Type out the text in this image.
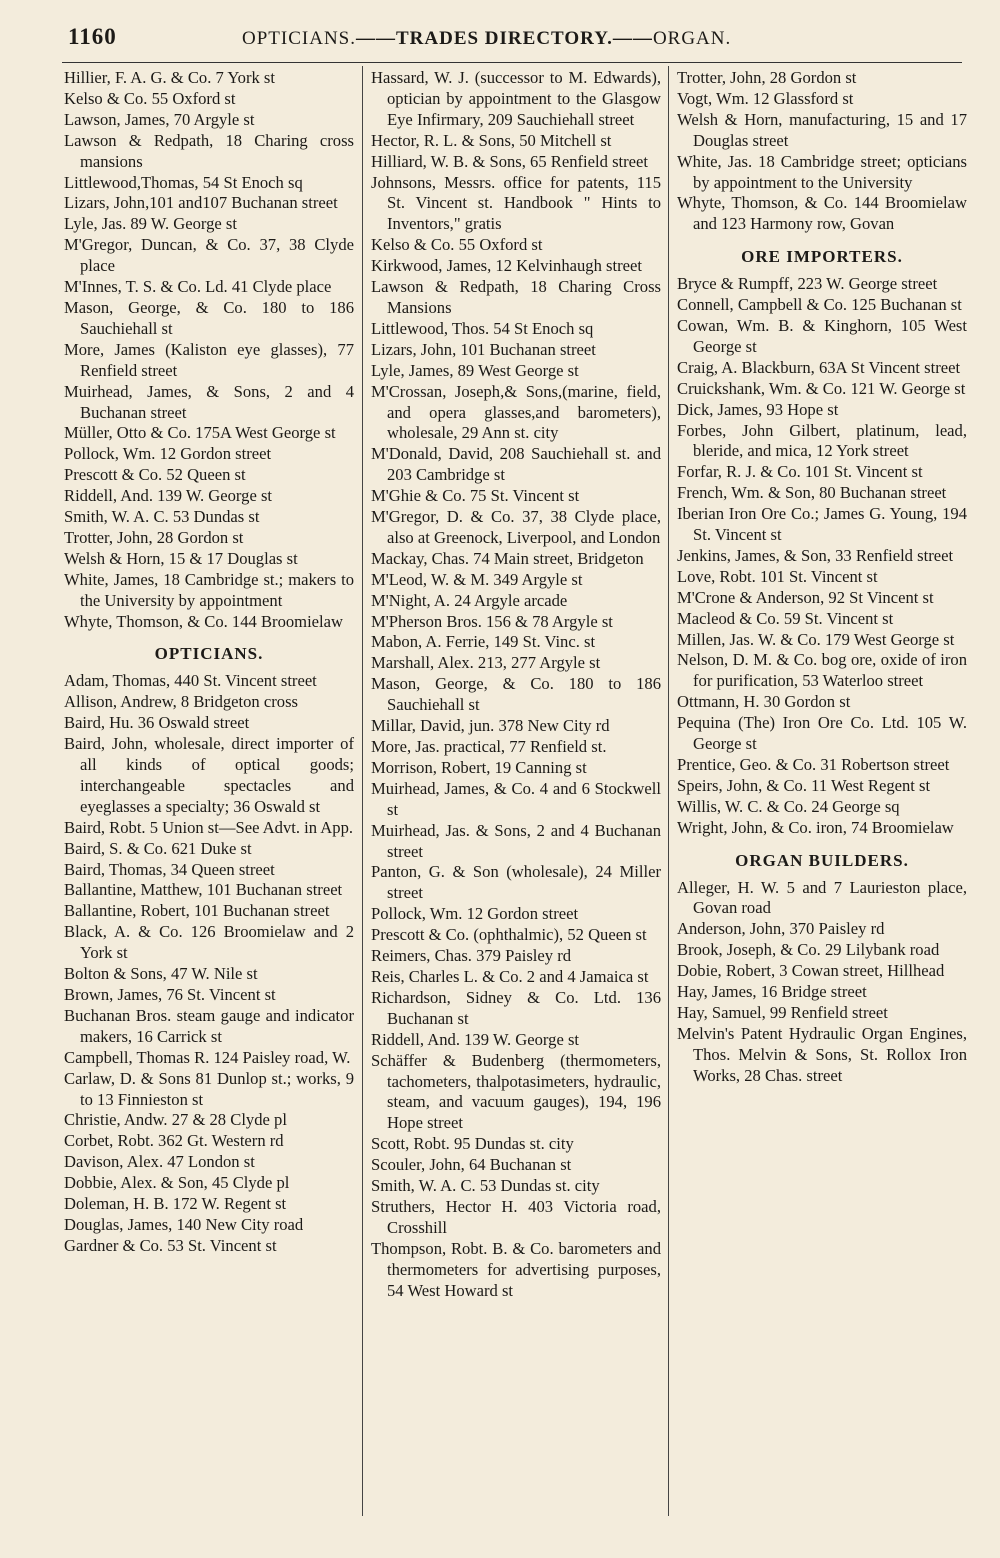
1160	OPTICIANS.——TRADES DIRECTORY.——ORGAN.

Hillier, F. A. G. & Co. 7 York st

Kelso & Co. 55 Oxford st

Lawson, James, 70 Argyle st

Lawson & Redpath, 18 Charing cross mansions

Littlewood,Thomas, 54 St Enoch sq

Lizars, John,101 and107 Buchanan street

Lyle, Jas. 89 W. George st

M'Gregor, Duncan, & Co. 37, 38 Clyde place

M'Innes, T. S. & Co. Ld. 41 Clyde place

Mason, George, & Co. 180 to 186 Sauchiehall st

More, James (Kaliston eye glasses), 77 Renfield street

Muirhead, James, & Sons, 2 and 4 Buchanan street

Müller, Otto & Co. 175A West George st

Pollock, Wm. 12 Gordon street

Prescott & Co. 52 Queen st

Riddell, And. 139 W. George st

Smith, W. A. C. 53 Dundas st

Trotter, John, 28 Gordon st

Welsh & Horn, 15 & 17 Douglas st

White, James, 18 Cambridge st.; makers to the University by appointment

Whyte, Thomson, & Co. 144 Broomielaw

OPTICIANS.

Adam, Thomas, 440 St. Vincent street

Allison, Andrew, 8 Bridgeton cross

Baird, Hu. 36 Oswald street

Baird, John, wholesale, direct importer of all kinds of optical goods; interchangeable spectacles and eyeglasses a specialty; 36 Oswald st

Baird, Robt. 5 Union st—See Advt. in App.

Baird, S. & Co. 621 Duke st

Baird, Thomas, 34 Queen street

Ballantine, Matthew, 101 Buchanan street

Ballantine, Robert, 101 Buchanan street

Black, A. & Co. 126 Broomielaw and 2 York st

Bolton & Sons, 47 W. Nile st

Brown, James, 76 St. Vincent st

Buchanan Bros. steam gauge and indicator makers, 16 Carrick st

Campbell, Thomas R. 124 Paisley road, W.

Carlaw, D. & Sons 81 Dunlop st.; works, 9 to 13 Finnieston st

Christie, Andw. 27 & 28 Clyde pl

Corbet, Robt. 362 Gt. Western rd

Davison, Alex. 47 London st

Dobbie, Alex. & Son, 45 Clyde pl

Doleman, H. B. 172 W. Regent st

Douglas, James, 140 New City road

Gardner & Co. 53 St. Vincent st

Hassard, W. J. (successor to M. Edwards), optician by appointment to the Glasgow Eye Infirmary, 209 Sauchiehall street

Hector, R. L. & Sons, 50 Mitchell st

Hilliard, W. B. & Sons, 65 Renfield street

Johnsons, Messrs. office for patents, 115 St. Vincent st. Handbook " Hints to Inventors," gratis

Kelso & Co. 55 Oxford st

Kirkwood, James, 12 Kelvinhaugh street

Lawson & Redpath, 18 Charing Cross Mansions

Littlewood, Thos. 54 St Enoch sq

Lizars, John, 101 Buchanan street

Lyle, James, 89 West George st

M'Crossan, Joseph,& Sons,(marine, field, and opera glasses,and barometers), wholesale, 29 Ann st. city

M'Donald, David, 208 Sauchiehall st. and 203 Cambridge st

M'Ghie & Co. 75 St. Vincent st

M'Gregor, D. & Co. 37, 38 Clyde place, also at Greenock, Liverpool, and London

Mackay, Chas. 74 Main street, Bridgeton

M'Leod, W. & M. 349 Argyle st

M'Night, A. 24 Argyle arcade

M'Pherson Bros. 156 & 78 Argyle st

Mabon, A. Ferrie, 149 St. Vinc. st

Marshall, Alex. 213, 277 Argyle st

Mason, George, & Co. 180 to 186 Sauchiehall st

Millar, David, jun. 378 New City rd

More, Jas. practical, 77 Renfield st.

Morrison, Robert, 19 Canning st

Muirhead, James, & Co. 4 and 6 Stockwell st

Muirhead, Jas. & Sons, 2 and 4 Buchanan street

Panton, G. & Son (wholesale), 24 Miller street

Pollock, Wm. 12 Gordon street

Prescott & Co. (ophthalmic), 52 Queen st

Reimers, Chas. 379 Paisley rd

Reis, Charles L. & Co. 2 and 4 Jamaica st

Richardson, Sidney & Co. Ltd. 136 Buchanan st

Riddell, And. 139 W. George st

Schäffer & Budenberg (thermometers, tachometers, thalpotasimeters, hydraulic, steam, and vacuum gauges), 194, 196 Hope street

Scott, Robt. 95 Dundas st. city

Scouler, John, 64 Buchanan st

Smith, W. A. C. 53 Dundas st. city

Struthers, Hector H. 403 Victoria road, Crosshill

Thompson, Robt. B. & Co. barometers and thermometers for advertising purposes, 54 West Howard st

Trotter, John, 28 Gordon st

Vogt, Wm. 12 Glassford st

Welsh & Horn, manufacturing, 15 and 17 Douglas street

White, Jas. 18 Cambridge street; opticians by appointment to the University

Whyte, Thomson, & Co. 144 Broomielaw and 123 Harmony row, Govan

ORE IMPORTERS.

Bryce & Rumpff, 223 W. George street

Connell, Campbell & Co. 125 Buchanan st

Cowan, Wm. B. & Kinghorn, 105 West George st

Craig, A. Blackburn, 63A St Vincent street

Cruickshank, Wm. & Co. 121 W. George st

Dick, James, 93 Hope st

Forbes, John Gilbert, platinum, lead, bleride, and mica, 12 York street

Forfar, R. J. & Co. 101 St. Vincent st

French, Wm. & Son, 80 Buchanan street

Iberian Iron Ore Co.; James G. Young, 194 St. Vincent st

Jenkins, James, & Son, 33 Renfield street

Love, Robt. 101 St. Vincent st

M'Crone & Anderson, 92 St Vincent st

Macleod & Co. 59 St. Vincent st

Millen, Jas. W. & Co. 179 West George st

Nelson, D. M. & Co. bog ore, oxide of iron for purification, 53 Waterloo street

Ottmann, H. 30 Gordon st

Pequina (The) Iron Ore Co. Ltd. 105 W. George st

Prentice, Geo. & Co. 31 Robertson street

Speirs, John, & Co. 11 West Regent st

Willis, W. C. & Co. 24 George sq

Wright, John, & Co. iron, 74 Broomielaw

ORGAN BUILDERS.

Alleger, H. W. 5 and 7 Laurieston place, Govan road

Anderson, John, 370 Paisley rd

Brook, Joseph, & Co. 29 Lilybank road

Dobie, Robert, 3 Cowan street, Hillhead

Hay, James, 16 Bridge street

Hay, Samuel, 99 Renfield street

Melvin's Patent Hydraulic Organ Engines, Thos. Melvin & Sons, St. Rollox Iron Works, 28 Chas. street
